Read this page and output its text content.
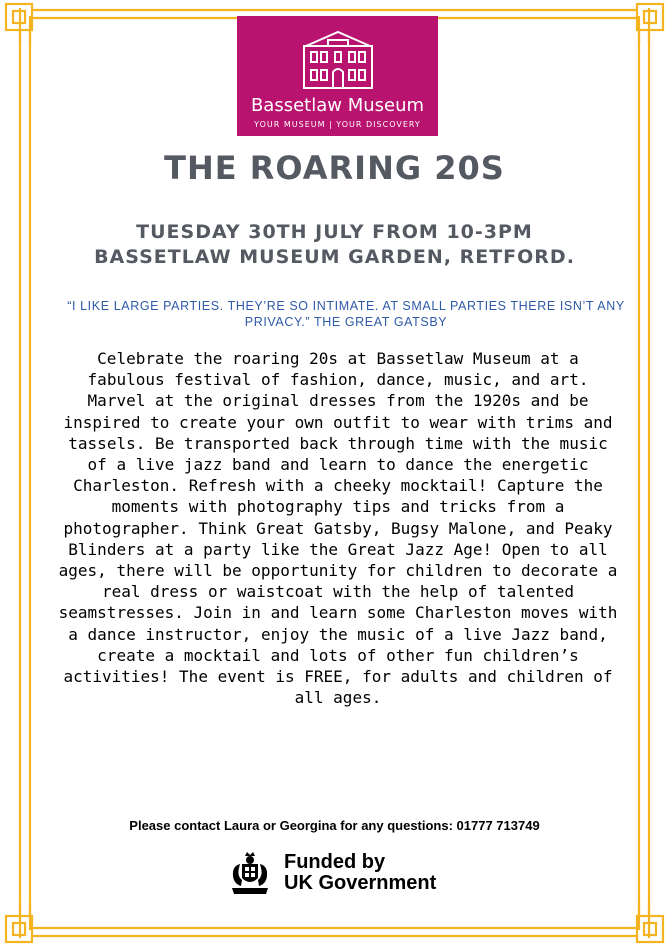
Bassetlaw Museum
YOUR MUSEUM | YOUR DISCOVERY
THE ROARING 20S
TUESDAY 30TH JULY FROM 10-3PM
BASSETLAW MUSEUM GARDEN, RETFORD.
“I LIKE LARGE PARTIES. THEY’RE SO INTIMATE. AT SMALL PARTIES THERE ISN’T ANY PRIVACY.” THE GREAT GATSBY
Celebrate the roaring 20s at Bassetlaw Museum at a fabulous festival of fashion, dance, music, and art. Marvel at the original dresses from the 1920s and be inspired to create your own outfit to wear with trims and tassels. Be transported back through time with the music of a live jazz band and learn to dance the energetic Charleston. Refresh with a cheeky mocktail! Capture the moments with photography tips and tricks from a photographer. Think Great Gatsby, Bugsy Malone, and Peaky Blinders at a party like the Great Jazz Age! Open to all ages, there will be opportunity for children to decorate a real dress or waistcoat with the help of talented seamstresses. Join in and learn some Charleston moves with a dance instructor, enjoy the music of a live Jazz band, create a mocktail and lots of other fun children’s activities! The event is FREE, for adults and children of all ages.
Please contact Laura or Georgina for any questions: 01777 713749
Funded by
UK Government
